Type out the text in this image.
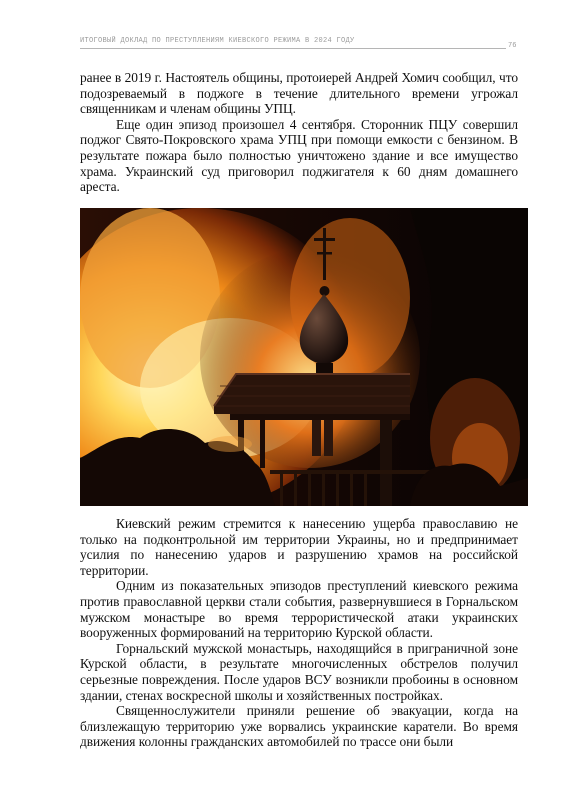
ИТОГОВЫЙ ДОКЛАД ПО ПРЕСТУПЛЕНИЯМ КИЕВСКОГО РЕЖИМА В 2024 ГОДУ
76

ранее в 2019 г. Настоятель общины, протоиерей Андрей Хомич сообщил, что подозреваемый в поджоге в течение длительного времени угрожал священникам и членам общины УПЦ.

Еще один эпизод произошел 4 сентября. Сторонник ПЦУ совершил поджог Свято-Покровского храма УПЦ при помощи емкости с бензином. В результате пожара было полностью уничтожено здание и все имущество храма. Украинский суд приговорил поджигателя к 60 дням домашнего ареста.

Киевский режим стремится к нанесению ущерба православию не только на подконтрольной им территории Украины, но и предпринимает усилия по нанесению ударов и разрушению храмов на российской территории.

Одним из показательных эпизодов преступлений киевского режима против православной церкви стали события, развернувшиеся в Горнальском мужском монастыре во время террористической атаки украинских вооруженных формирований на территорию Курской области.

Горнальский мужской монастырь, находящийся в приграничной зоне Курской области, в результате многочисленных обстрелов получил серьезные повреждения. После ударов ВСУ возникли пробоины в основном здании, стенах воскресной школы и хозяйственных постройках.

Священнослужители приняли решение об эвакуации, когда на близлежащую территорию уже ворвались украинские каратели. Во время движения колонны гражданских автомобилей по трассе они были
